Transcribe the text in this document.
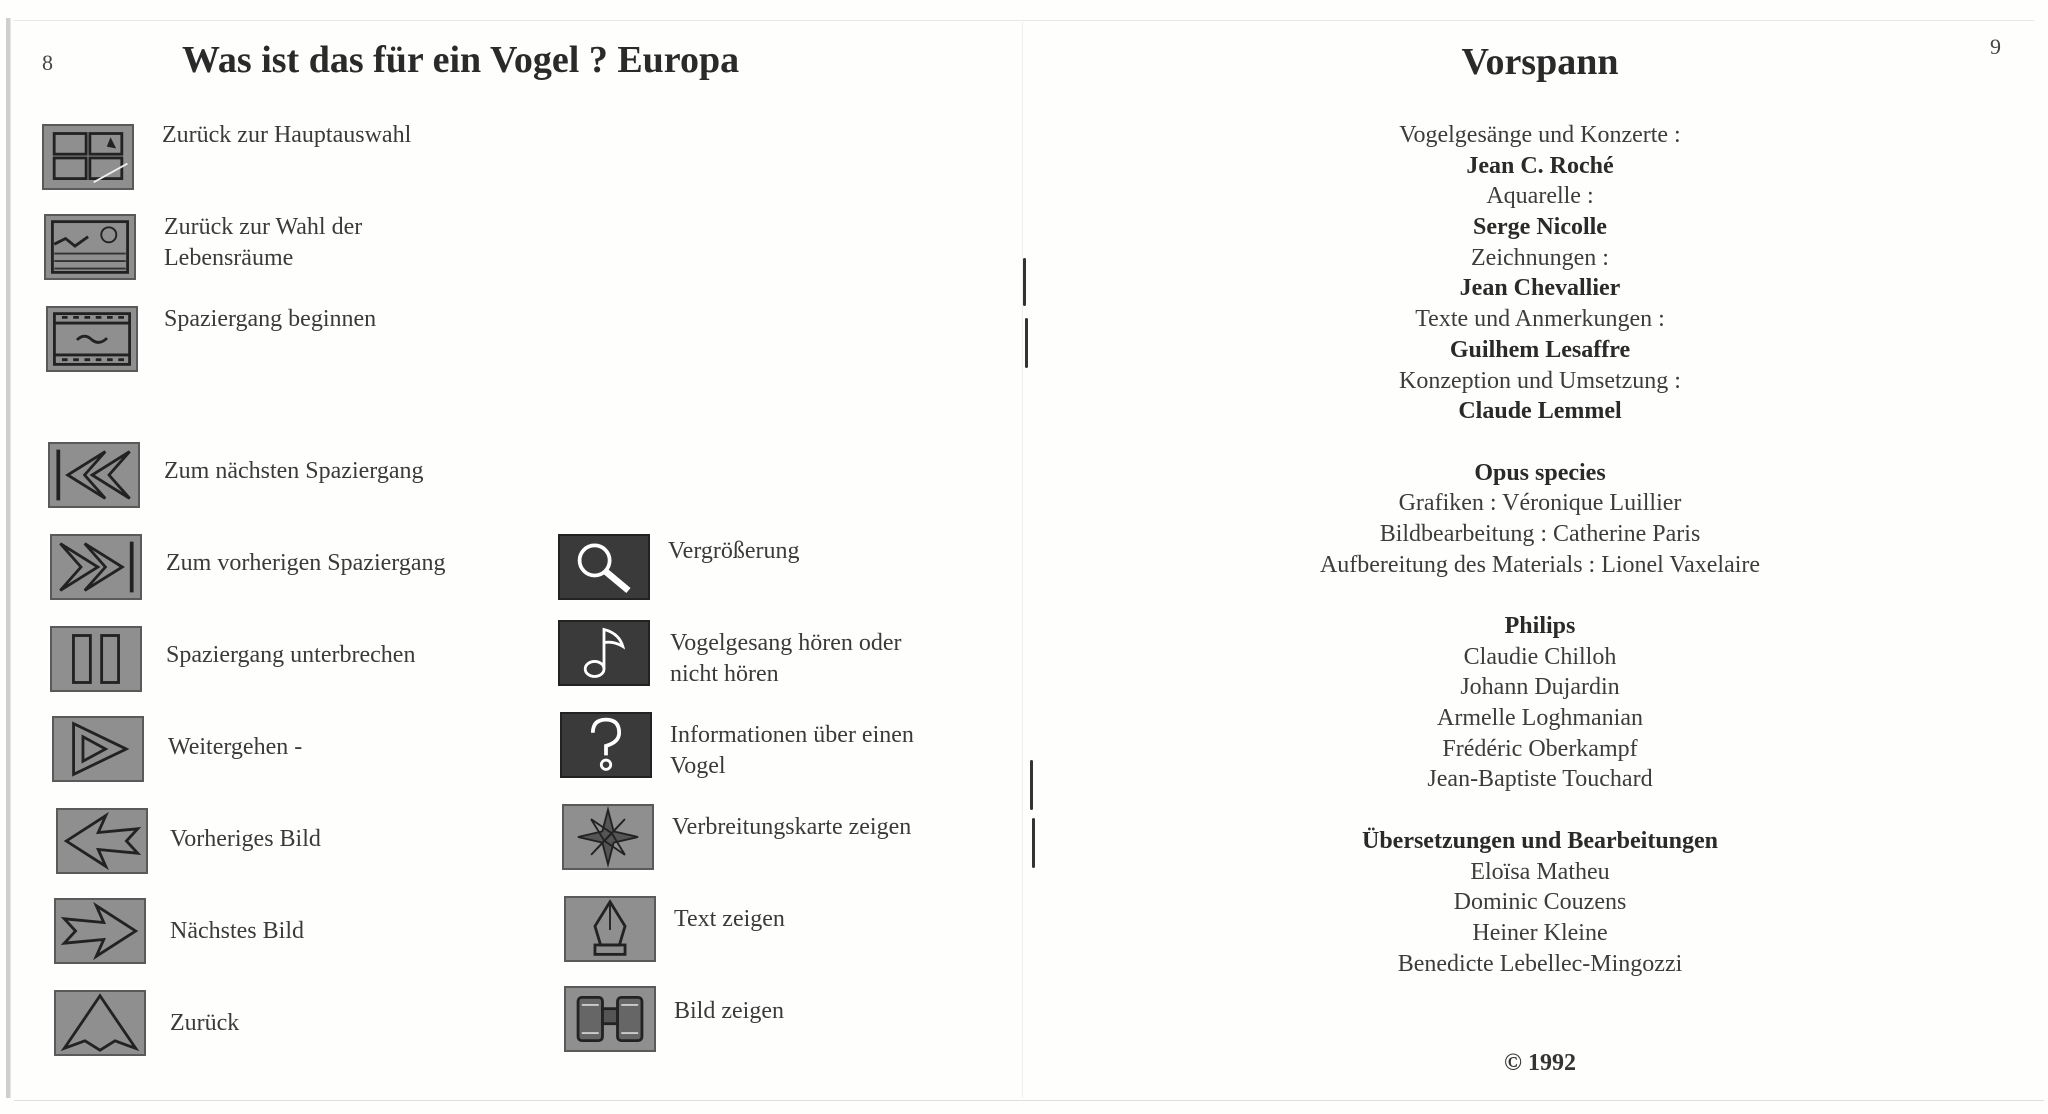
8	Was ist das für ein Vogel ? Europa
Zurück zur Hauptauswahl
Zurück zur Wahl der
Lebensräume
Spaziergang beginnen
Zum nächsten Spaziergang
Zum vorherigen Spaziergang
Spaziergang unterbrechen
Weitergehen -
Vorheriges Bild
Nächstes Bild
Zurück
Vergrößerung
Vogelgesang hören oder
nicht hören
Informationen über einen
Vogel
Verbreitungskarte zeigen
Text zeigen
Bild zeigen
9
Vorspann
Vogelgesänge und Konzerte :
Jean C. Roché
Aquarelle :
Serge Nicolle
Zeichnungen :
Jean Chevallier
Texte und Anmerkungen :
Guilhem Lesaffre
Konzeption und Umsetzung :
Claude Lemmel
Opus species
Grafiken : Véronique Luillier
Bildbearbeitung : Catherine Paris
Aufbereitung des Materials : Lionel Vaxelaire
Philips
Claudie Chilloh
Johann Dujardin
Armelle Loghmanian
Frédéric Oberkampf
Jean-Baptiste Touchard
Übersetzungen und Bearbeitungen
Eloïsa Matheu
Dominic Couzens
Heiner Kleine
Benedicte Lebellec-Mingozzi
© 1992
